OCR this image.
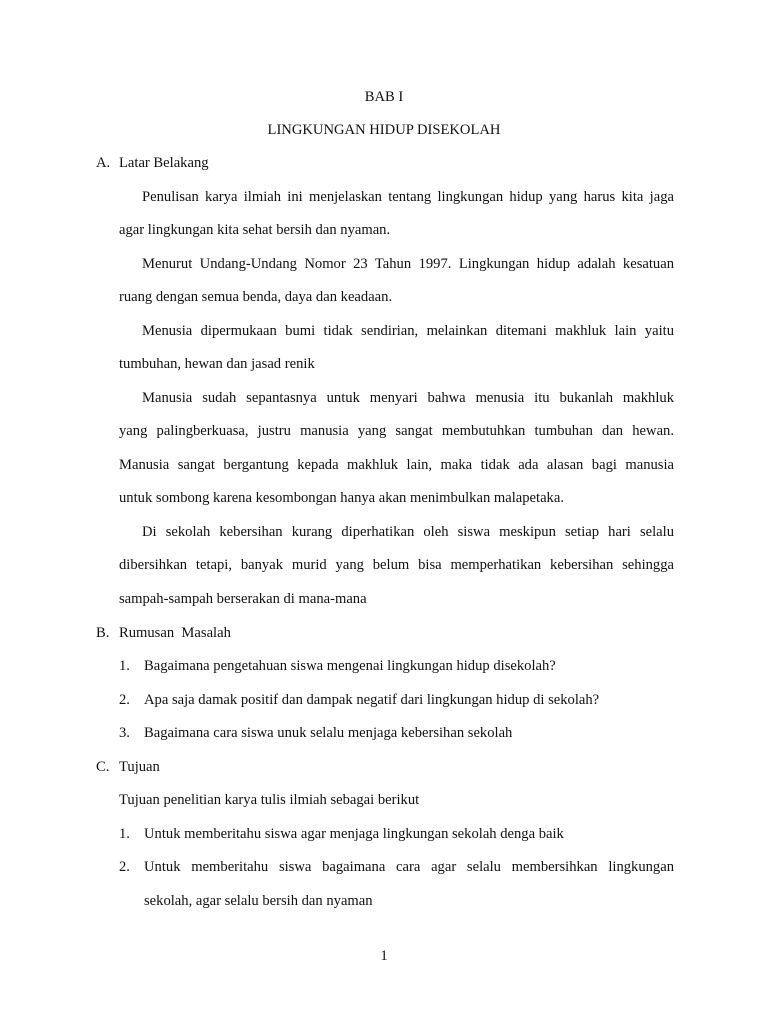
BAB I
LINGKUNGAN HIDUP DISEKOLAH
A. Latar Belakang
Penulisan karya ilmiah ini menjelaskan tentang lingkungan hidup yang harus kita jaga
agar lingkungan kita sehat bersih dan nyaman.
Menurut Undang-Undang Nomor 23 Tahun 1997. Lingkungan hidup adalah kesatuan
ruang dengan semua benda, daya dan keadaan.
Menusia dipermukaan bumi tidak sendirian, melainkan ditemani makhluk lain yaitu
tumbuhan, hewan dan jasad renik
Manusia sudah sepantasnya untuk menyari bahwa menusia itu bukanlah makhluk
yang palingberkuasa, justru manusia yang sangat membutuhkan tumbuhan dan hewan.
Manusia sangat bergantung kepada makhluk lain, maka tidak ada alasan bagi manusia
untuk sombong karena kesombongan hanya akan menimbulkan malapetaka.
Di sekolah kebersihan kurang diperhatikan oleh siswa meskipun setiap hari selalu
dibersihkan tetapi, banyak murid yang belum bisa memperhatikan kebersihan sehingga
sampah-sampah berserakan di mana-mana
B. Rumusan  Masalah
1. Bagaimana pengetahuan siswa mengenai lingkungan hidup disekolah?
2. Apa saja damak positif dan dampak negatif dari lingkungan hidup di sekolah?
3. Bagaimana cara siswa unuk selalu menjaga kebersihan sekolah
C. Tujuan
Tujuan penelitian karya tulis ilmiah sebagai berikut
1. Untuk memberitahu siswa agar menjaga lingkungan sekolah denga baik
2. Untuk memberitahu siswa bagaimana cara agar selalu membersihkan lingkungan
sekolah, agar selalu bersih dan nyaman
1
